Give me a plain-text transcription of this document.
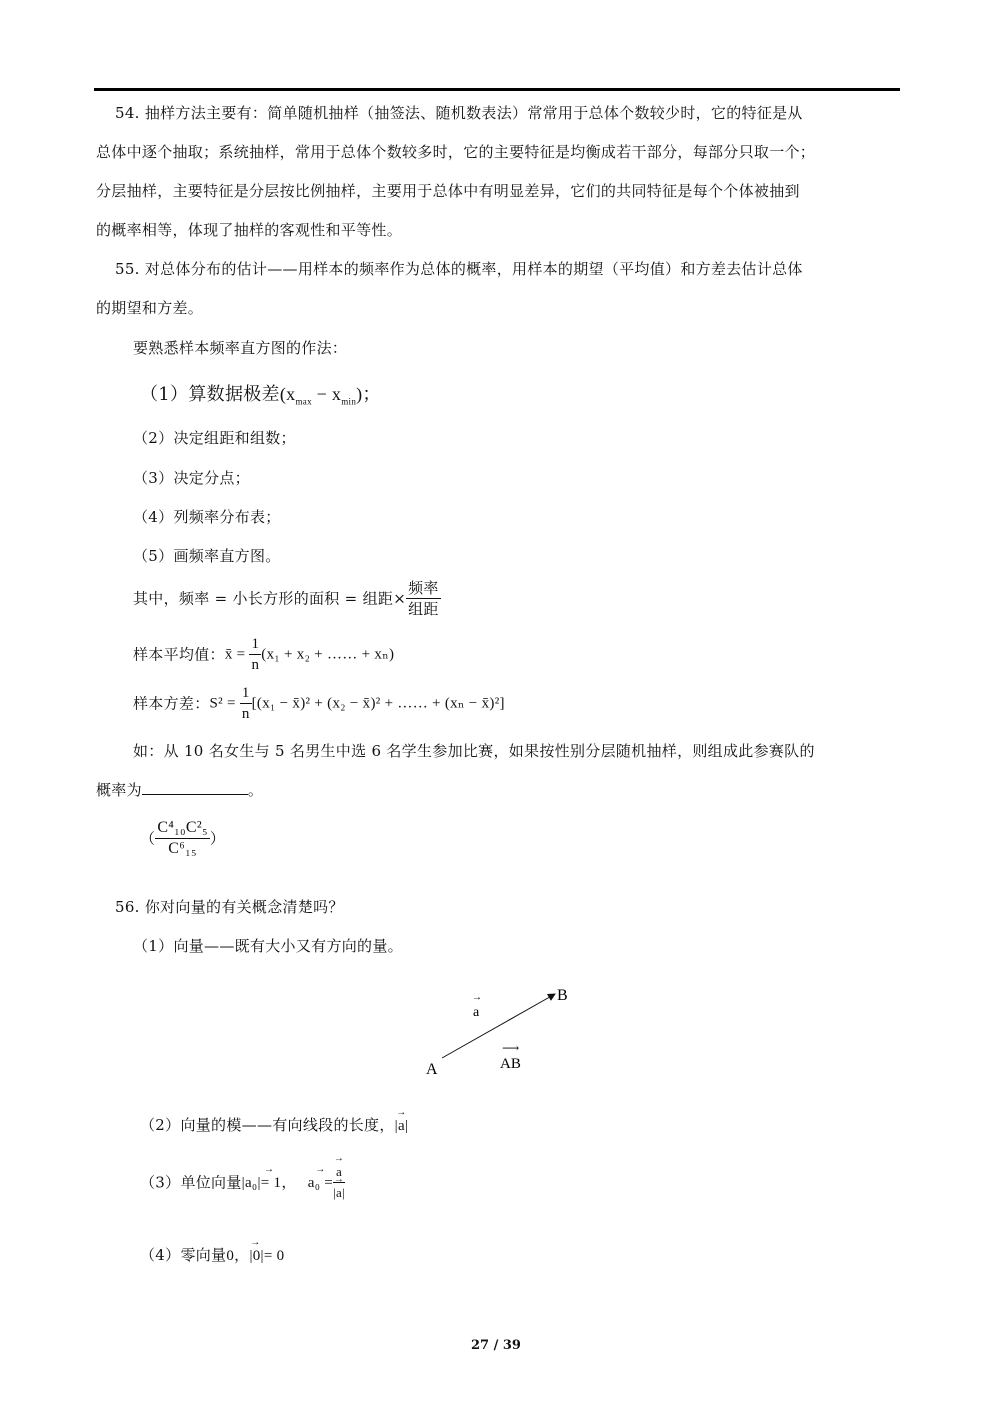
54. 抽样方法主要有：简单随机抽样（抽签法、随机数表法）常常用于总体个数较少时，它的特征是从
总体中逐个抽取；系统抽样，常用于总体个数较多时，它的主要特征是均衡成若干部分，每部分只取一个；
分层抽样，主要特征是分层按比例抽样，主要用于总体中有明显差异，它们的共同特征是每个个体被抽到
的概率相等，体现了抽样的客观性和平等性。
55. 对总体分布的估计——用样本的频率作为总体的概率，用样本的期望（平均值）和方差去估计总体
的期望和方差。
要熟悉样本频率直方图的作法：
（1）算数据极差$(x_{max} - x_{min})$；
（2）决定组距和组数；
（3）决定分点；
（4）列频率分布表；
（5）画频率直方图。
其中，频率 = 小长方形的面积 = 组距× $\frac{\text{频率}}{\text{组距}}$
样本平均值：x̄ = $\frac{1}{n} (x_1 + x_2$ + …… + xₙ)
样本方差：$S^2 = \frac{1}{n} [(x_1$ − x̄)² + (x₂ − x̄)² + …… + (xₙ − x̄)²]
如：从 10 名女生与 5 名男生中选 6 名学生参加比赛，如果按性别分层随机抽样，则组成此参赛队的
概率为	。
（ $\frac{\text{C⁴₁₀C²₅}}{\text{C⁶₁₅}}$ ）
56. 你对向量的有关概念清楚吗？
（1）向量——既有大小又有方向的量。
B
A
→
a
⟶
AB
（2）向量的模——有向线段的长度，→ |a|
（3）单位向量→ |a₀|= 1， → a₀ = → a
→ |a|
（4）零向量→ 0，|0|= 0
27 / 39
